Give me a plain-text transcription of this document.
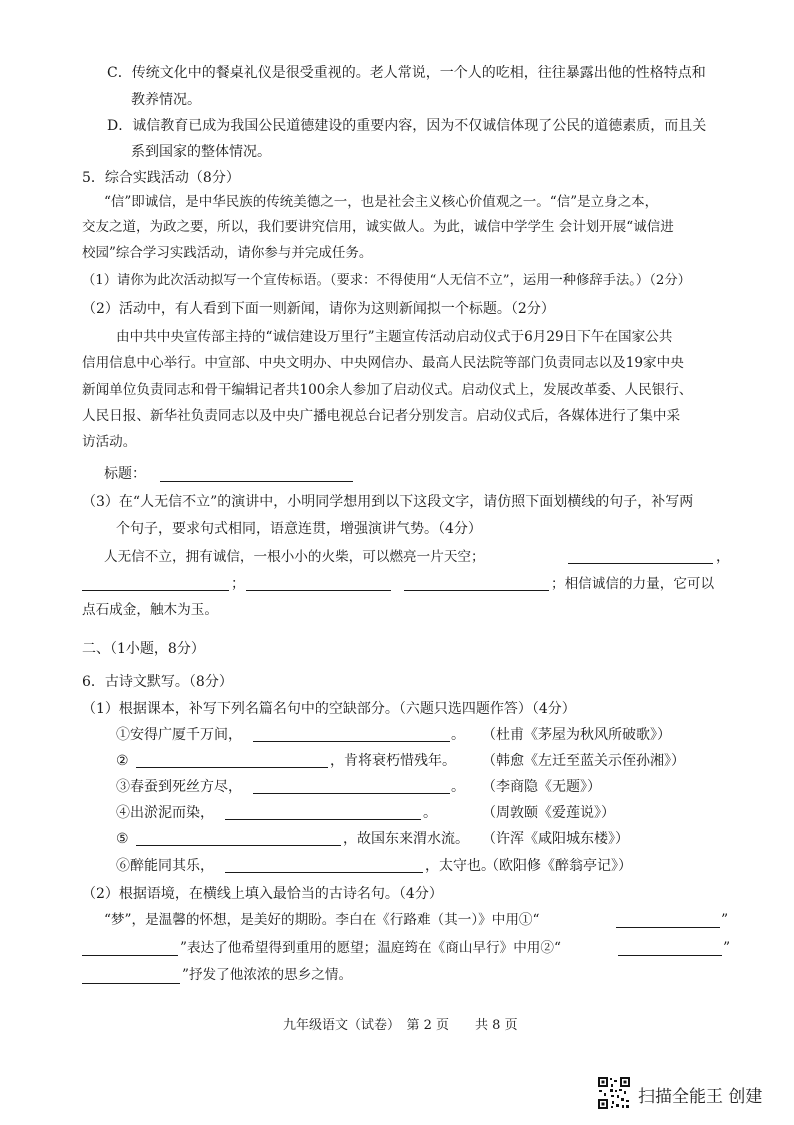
C．传统文化中的餐桌礼仪是很受重视的。老人常说，一个人的吃相，往往暴露出他的性格特点和
教养情况。
D．诚信教育已成为我国公民道德建设的重要内容，因为不仅诚信体现了公民的道德素质，而且关
系到国家的整体情况。
5．综合实践活动（8分）
“信”即诚信，是中华民族的传统美德之一，也是社会主义核心价值观之一。“信”是立身之本，
交友之道，为政之要，所以，我们要讲究信用，诚实做人。为此，诚信中学学生 会计划开展“诚信进
校园”综合学习实践活动，请你参与并完成任务。
（1）请你为此次活动拟写一个宣传标语。（要求：不得使用“人无信不立”，运用一种修辞手法。）（2分）
（2）活动中，有人看到下面一则新闻，请你为这则新闻拟一个标题。（2分）
由中共中央宣传部主持的“诚信建设万里行”主题宣传活动启动仪式于6月29日下午在国家公共
信用信息中心举行。中宣部、中央文明办、中央网信办、最高人民法院等部门负责同志以及19家中央
新闻单位负责同志和骨干编辑记者共100余人参加了启动仪式。启动仪式上，发展改革委、人民银行、
人民日报、新华社负责同志以及中央广播电视总台记者分别发言。启动仪式后，各媒体进行了集中采
访活动。
标题：
（3）在“人无信不立”的演讲中，小明同学想用到以下这段文字，请仿照下面划横线的句子，补写两
个句子，要求句式相同，语意连贯，增强演讲气势。（4分）
人无信不立，拥有诚信，一根小小的火柴，可以燃亮一片天空；	，
；	；相信诚信的力量，它可以
点石成金，触木为玉。
二、（1小题，8分）
6．古诗文默写。（8分）
（1）根据课本，补写下列名篇名句中的空缺部分。（六题只选四题作答）（4分）
①安得广厦千万间，	。 （杜甫《茅屋为秋风所破歌》）
②	，肯将衰朽惜残年。 （韩愈《左迁至蓝关示侄孙湘》）
③春蚕到死丝方尽，	。 （李商隐《无题》）
④出淤泥而染，	。	（周敦颐《爱莲说》）
⑤	，故国东来渭水流。 （许浑《咸阳城东楼》）
⑥醉能同其乐，	，太守也。
（欧阳修《醉翁亭记》）
（2）根据语境，在横线上填入最恰当的古诗名句。（4分）
“梦”，是温馨的怀想，是美好的期盼。李白在《行路难（其一）》中用①“	”
”表达了他希望得到重用的愿望；温庭筠在《商山早行》中用②“	”
”抒发了他浓浓的思乡之情。
九年级语文（试卷）　第 2 页　　共 8 页
扫描全能王 创建
